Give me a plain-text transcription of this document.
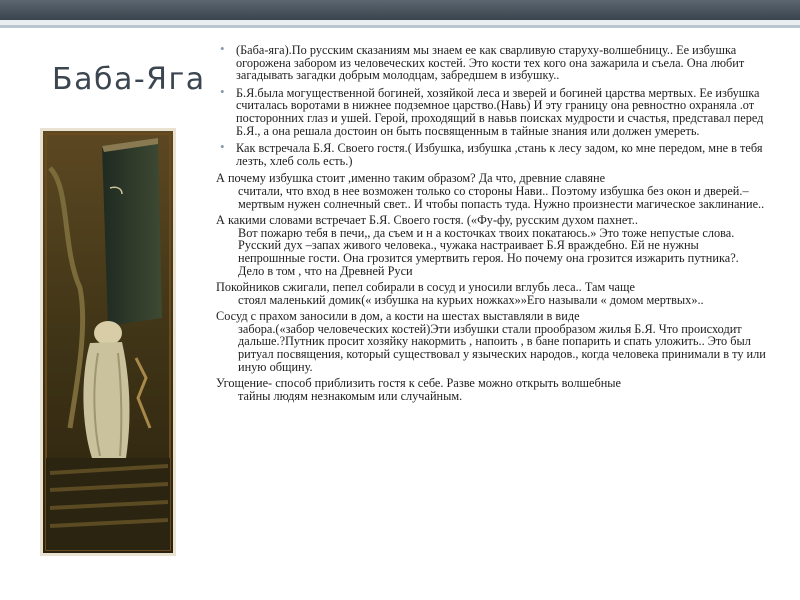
Баба-Яга
• (Баба-яга).По русским сказаниям мы знаем ее как сварливую старуху-волшебницу.. Ее избушка огорожена забором из человеческих костей. Это кости тех кого она зажарила и съела. Она любит загадывать загадки добрым молодцам, забредшем в избушку..
• Б.Я.была могущественной богиней, хозяйкой леса и зверей и богиней царства мертвых. Ее избушка считалась воротами в нижнее подземное царство.(Навь) И эту границу она ревностно охраняла .от посторонних глаз и ушей. Герой, проходящий в навьв поисках мудрости и счастья, представал перед Б.Я., а она решала достоин он быть посвященным в тайные знания или должен умереть.
• Как встречала Б.Я. Своего гостя.( Избушка, избушка ,стань к лесу задом, ко мне передом, мне в тебя лезть, хлеб соль есть.)

А почему избушка стоит ,именно таким образом? Да что, древние славяне
считали, что вход в нее возможен только со стороны Нави.. Поэтому избушка без окон и дверей.–мертвым нужен солнечный свет.. И чтобы попасть туда. Нужно произнести магическое заклинание..

А какими словами встречает Б.Я. Своего гостя. («Фу-фу, русским духом пахнет..
Вот пожарю тебя в печи,, да съем и н а косточках твоих покатаюсь.» Это тоже непустые слова. Русский дух –запах живого человека., чужака настраивает Б.Я враждебно. Ей не нужны непрошнные гости. Она грозится умертвить героя. Но почему она грозится изжарить путника?. Дело в том , что на Древней Руси

Покойников сжигали, пепел собирали в сосуд и уносили вглубь леса.. Там чаще
стоял маленький домик(« избушка на курьих ножках»»Его называли « домом мертвых»..

Сосуд с прахом заносили в дом, а кости на шестах выставляли в виде
забора.(«забор человеческих костей)Эти избушки стали прообразом жилья Б.Я. Что происходит дальше.?Путник просит хозяйку накормить , напоить , в бане попарить и спать уложить.. Это был ритуал посвящения, который существовал у языческих народов., когда человека принимали в ту или иную общину.

Угощение- способ приблизить гостя к себе. Разве можно открыть волшебные
тайны людям незнакомым или случайным.
